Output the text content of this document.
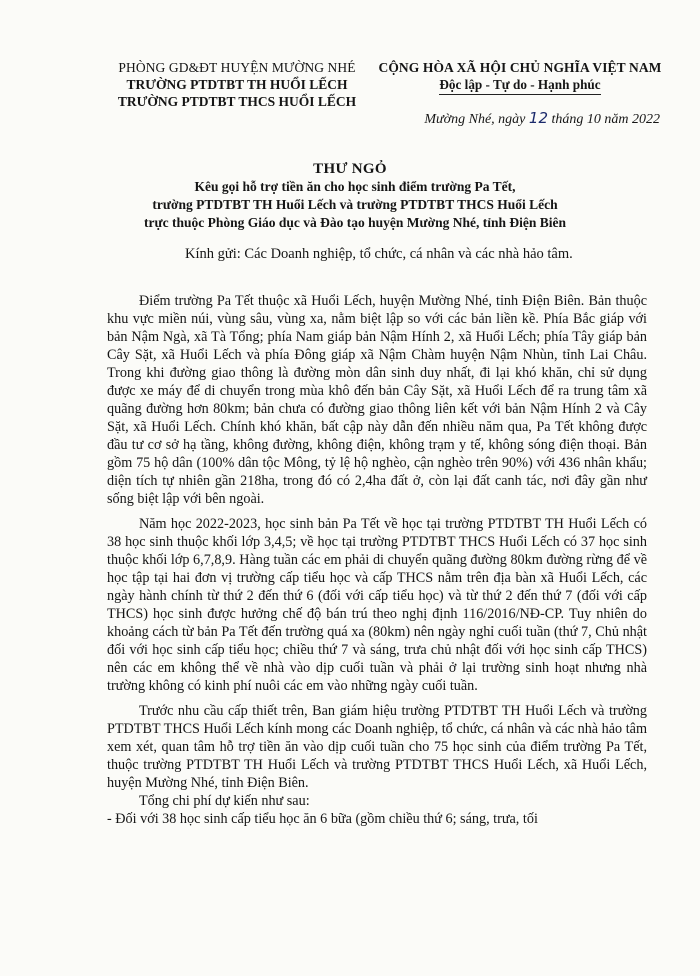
PHÒNG GD&ĐT HUYỆN MƯỜNG NHÉ
TRƯỜNG PTDTBT TH HUỔI LẾCH
TRƯỜNG PTDTBT THCS HUỔI LẾCH
CỘNG HÒA XÃ HỘI CHỦ NGHĨA VIỆT NAM
Độc lập - Tự do - Hạnh phúc
Mường Nhé, ngày 12 tháng 10 năm 2022
THƯ NGỎ
Kêu gọi hỗ trợ tiền ăn cho học sinh điểm trường Pa Tết,
trường PTDTBT TH Huổi Lếch và trường PTDTBT THCS Huổi Lếch
trực thuộc Phòng Giáo dục và Đào tạo huyện Mường Nhé, tỉnh Điện Biên
Kính gửi: Các Doanh nghiệp, tổ chức, cá nhân và các nhà hảo tâm.

Điểm trường Pa Tết thuộc xã Huổi Lếch, huyện Mường Nhé, tỉnh Điện Biên. Bản thuộc khu vực miền núi, vùng sâu, vùng xa, nằm biệt lập so với các bản liền kề. Phía Bắc giáp với bản Nậm Ngà, xã Tà Tổng; phía Nam giáp bản Nậm Hính 2, xã Huổi Lếch; phía Tây giáp bản Cây Sặt, xã Huổi Lếch và phía Đông giáp xã Nậm Chàm huyện Nậm Nhùn, tỉnh Lai Châu. Trong khi đường giao thông là đường mòn dân sinh duy nhất, đi lại khó khăn, chỉ sử dụng được xe máy để di chuyển trong mùa khô đến bản Cây Sặt, xã Huổi Lếch để ra trung tâm xã quãng đường hơn 80km; bản chưa có đường giao thông liên kết với bản Nậm Hính 2 và Cây Sặt, xã Huổi Lếch. Chính khó khăn, bất cập này dẫn đến nhiều năm qua, Pa Tết không được đầu tư cơ sở hạ tầng, không đường, không điện, không trạm y tế, không sóng điện thoại. Bản gồm 75 hộ dân (100% dân tộc Mông, tỷ lệ hộ nghèo, cận nghèo trên 90%) với 436 nhân khẩu; diện tích tự nhiên gần 218ha, trong đó có 2,4ha đất ở, còn lại đất canh tác, nơi đây gần như sống biệt lập với bên ngoài.

Năm học 2022-2023, học sinh bản Pa Tết về học tại trường PTDTBT TH Huổi Lếch có 38 học sinh thuộc khối lớp 3,4,5; về học tại trường PTDTBT THCS Huổi Lếch có 37 học sinh thuộc khối lớp 6,7,8,9. Hàng tuần các em phải di chuyển quãng đường 80km đường rừng để về học tập tại hai đơn vị trường cấp tiểu học và cấp THCS nằm trên địa bàn xã Huổi Lếch, các ngày hành chính từ thứ 2 đến thứ 6 (đối với cấp tiểu học) và từ thứ 2 đến thứ 7 (đối với cấp THCS) học sinh được hưởng chế độ bán trú theo nghị định 116/2016/NĐ-CP. Tuy nhiên do khoảng cách từ bản Pa Tết đến trường quá xa (80km) nên ngày nghỉ cuối tuần (thứ 7, Chủ nhật đối với học sinh cấp tiểu học; chiều thứ 7 và sáng, trưa chủ nhật đối với học sinh cấp THCS) nên các em không thể về nhà vào dịp cuối tuần và phải ở lại trường sinh hoạt nhưng nhà trường không có kinh phí nuôi các em vào những ngày cuối tuần.

Trước nhu cầu cấp thiết trên, Ban giám hiệu trường PTDTBT TH Huổi Lếch và trường PTDTBT THCS Huổi Lếch kính mong các Doanh nghiệp, tổ chức, cá nhân và các nhà hảo tâm xem xét, quan tâm hỗ trợ tiền ăn vào dịp cuối tuần cho 75 học sinh của điểm trường Pa Tết, thuộc trường PTDTBT TH Huổi Lếch và trường PTDTBT THCS Huổi Lếch, xã Huổi Lếch, huyện Mường Nhé, tỉnh Điện Biên.

Tổng chi phí dự kiến như sau:

- Đối với 38 học sinh cấp tiểu học ăn 6 bữa (gồm chiều thứ 6; sáng, trưa, tối
